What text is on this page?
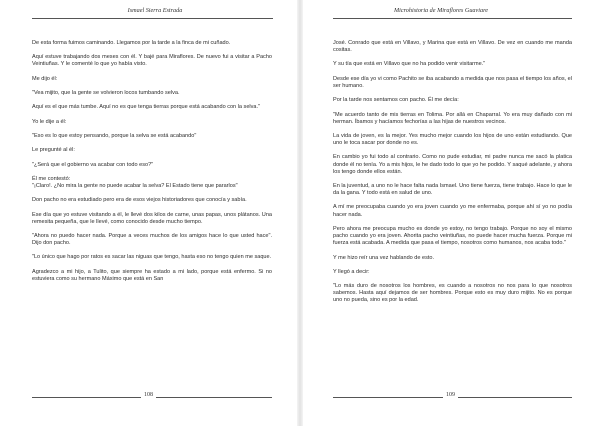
Ismael Sierra Estrada

De esta forma fuimos caminando. Llegamos por la tarde a la finca de mi cuñado.

Aquí estuve trabajando dos meses con él. Y bajé para Miraflores. De nuevo fui a visitar a Pacho Veintiuñas. Y le comenté lo que yo había visto.

Me dijo él:

"Vea mijito, que la gente se volvieron locos tumbando selva.

Aquí es el que más tumbe. Aquí no es que tenga tierras porque está acabando con la selva."

Yo le dije a él:

"Eso es lo que estoy pensando, porque la selva se está acabando"

Le pregunté al él:

"¿Será que el gobierno va acabar con todo eso?"

Él me contestó:

"¡Claro!. ¿No mira la gente no puede acabar la selva? El Estado tiene que pararlos"

Don pacho no era estudiado pero era de esos viejos historiadores que conocía y sabía.

Ese día que yo estuve visitando a él, le llevé dos kilos de carne, unas papas, unos plátanos. Una remesita pequeña, que le llevé, como conocido desde mucho tiempo.

"Ahora no puedo hacer nada. Porque a veces muchos de los amigos hace lo que usted hace". Dijo don pacho.

"Lo único que hago por ratos es sacar las niguas que tengo, hasta eso no tengo quien me saque.

Agradezco a mi hijo, a Tulito, que siempre ha estado a mi lado, porque está enfermo. Si no estuviera como su hermano Máximo que está en San

108
Microhistoria de Miraflores Guaviare

José. Conrado que está en Villavo, y Marina que está en Villavo. De vez en cuando me manda cositas.

Y su tía que está en Villavo que no ha podido venir visitarme."

Desde ese día yo vi como Pachito se iba acabando a medida que nos pasa el tiempo los años, el ser humano.

Por la tarde nos sentamos con pacho. Él me decía:

"Me acuerdo tanto de mis tierras en Tolima. Por allá en Chaparral. Yo era muy dañado con mi herman. Íbamos y hacíamos fechorías a las hijas de nuestros vecinos.

La vida de joven, es la mejor. Yes mucho mejor cuando los hijos de uno están estudiando. Que uno le toca sacar por donde no es.

En cambio yo fui todo al contrario. Como no pude estudiar, mi padre nunca me sacó la platica donde él no tenía. Yo a mis hijos, le he dado todo lo que yo he podido. Y saqué adelante, y ahora los tengo donde ellos están.

En la juventud, a uno no le hace falta nada Ismael. Uno tiene fuerza, tiene trabajo. Hace lo que le da la gana. Y todo está en salud de uno.

A mí me preocupaba cuando yo era joven cuando yo me enfermaba, porque ahí sí yo no podía hacer nada.

Pero ahora me preocupa mucho es donde yo estoy, no tengo trabajo. Porque no soy el mismo pacho cuando yo era joven. Ahorita pacho veintiuñas, no puede hacer mucha fuerza. Porque mi fuerza está acabada. A medida que pasa el tiempo, nosotros como humanos, nos acaba todo."

Y me hizo reír una vez hablando de esto.

Y llegó a decir:

"Lo más duro de nosotros los hombres, es cuando a nosotros no nos para lo que nosotros sabemos. Hasta aquí dejamos de ser hombres. Porque esto es muy duro mijito. No es porque uno no pueda, sino es por la edad.

109
